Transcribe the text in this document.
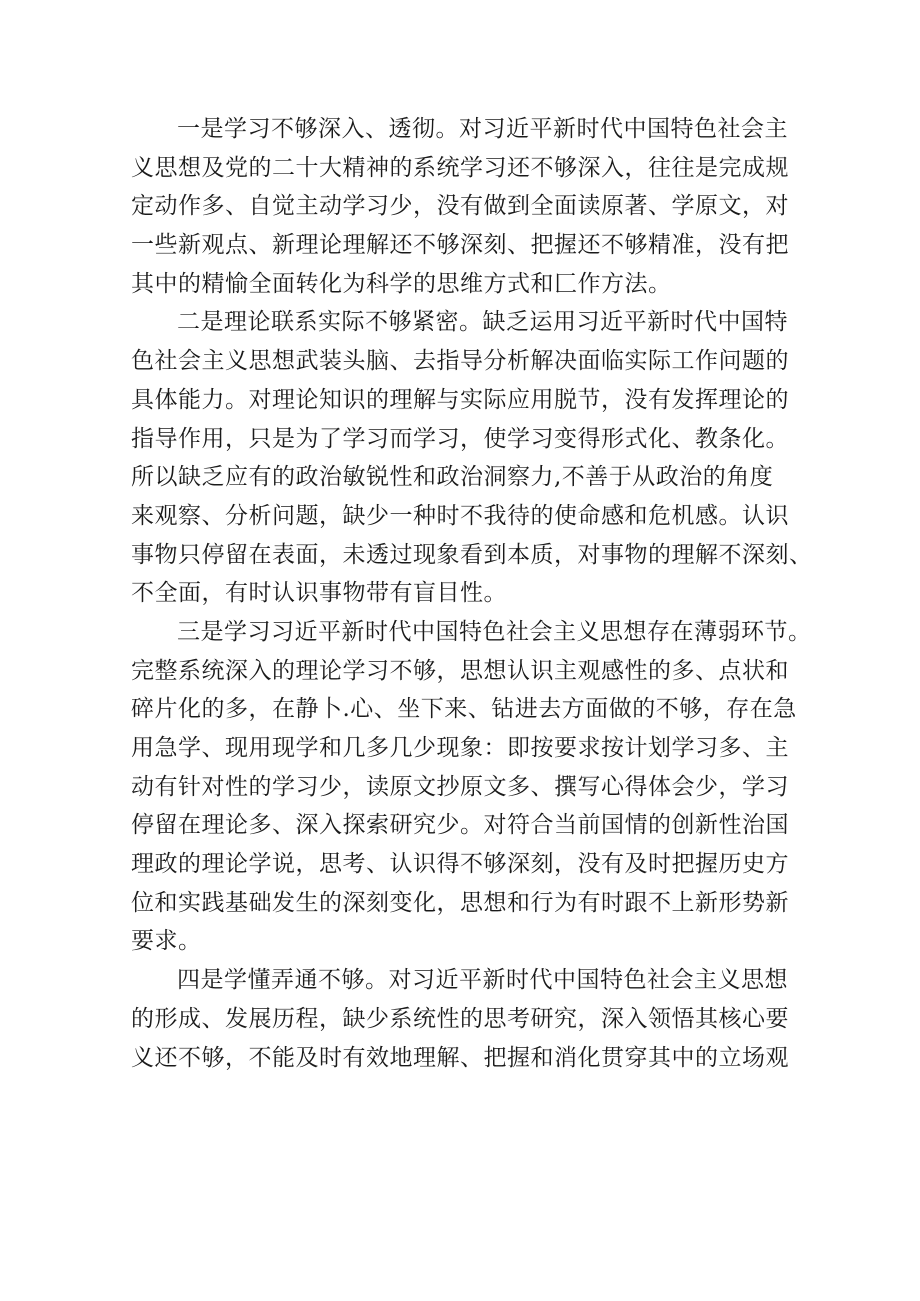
一是学习不够深入、透彻。对习近平新时代中国特色社会主
义思想及党的二十大精神的系统学习还不够深入，往往是完成规
定动作多、自觉主动学习少，没有做到全面读原著、学原文，对
一些新观点、新理论理解还不够深刻、把握还不够精准，没有把
其中的精愉全面转化为科学的思维方式和匚作方法。
二是理论联系实际不够紧密。缺乏运用习近平新时代中国特
色社会主义思想武装头脑、去指导分析解决面临实际工作问题的
具体能力。对理论知识的理解与实际应用脱节，没有发挥理论的
指导作用，只是为了学习而学习，使学习变得形式化、教条化。
所以缺乏应有的政治敏锐性和政治洞察力,不善于从政治的角度
来观察、分析问题，缺少一种时不我待的使命感和危机感。认识
事物只停留在表面，未透过现象看到本质，对事物的理解不深刻、
不全面，有时认识事物带有盲目性。
三是学习习近平新时代中国特色社会主义思想存在薄弱环节。
完整系统深入的理论学习不够，思想认识主观感性的多、点状和
碎片化的多，在静卜.心、坐下来、钻进去方面做的不够，存在急
用急学、现用现学和几多几少现象：即按要求按计划学习多、主
动有针对性的学习少，读原文抄原文多、撰写心得体会少，学习
停留在理论多、深入探索研究少。对符合当前国情的创新性治国
理政的理论学说，思考、认识得不够深刻，没有及时把握历史方
位和实践基础发生的深刻变化，思想和行为有时跟不上新形势新
要求。
四是学懂弄通不够。对习近平新时代中国特色社会主义思想
的形成、发展历程，缺少系统性的思考研究，深入领悟其核心要
义还不够，不能及时有效地理解、把握和消化贯穿其中的立场观
